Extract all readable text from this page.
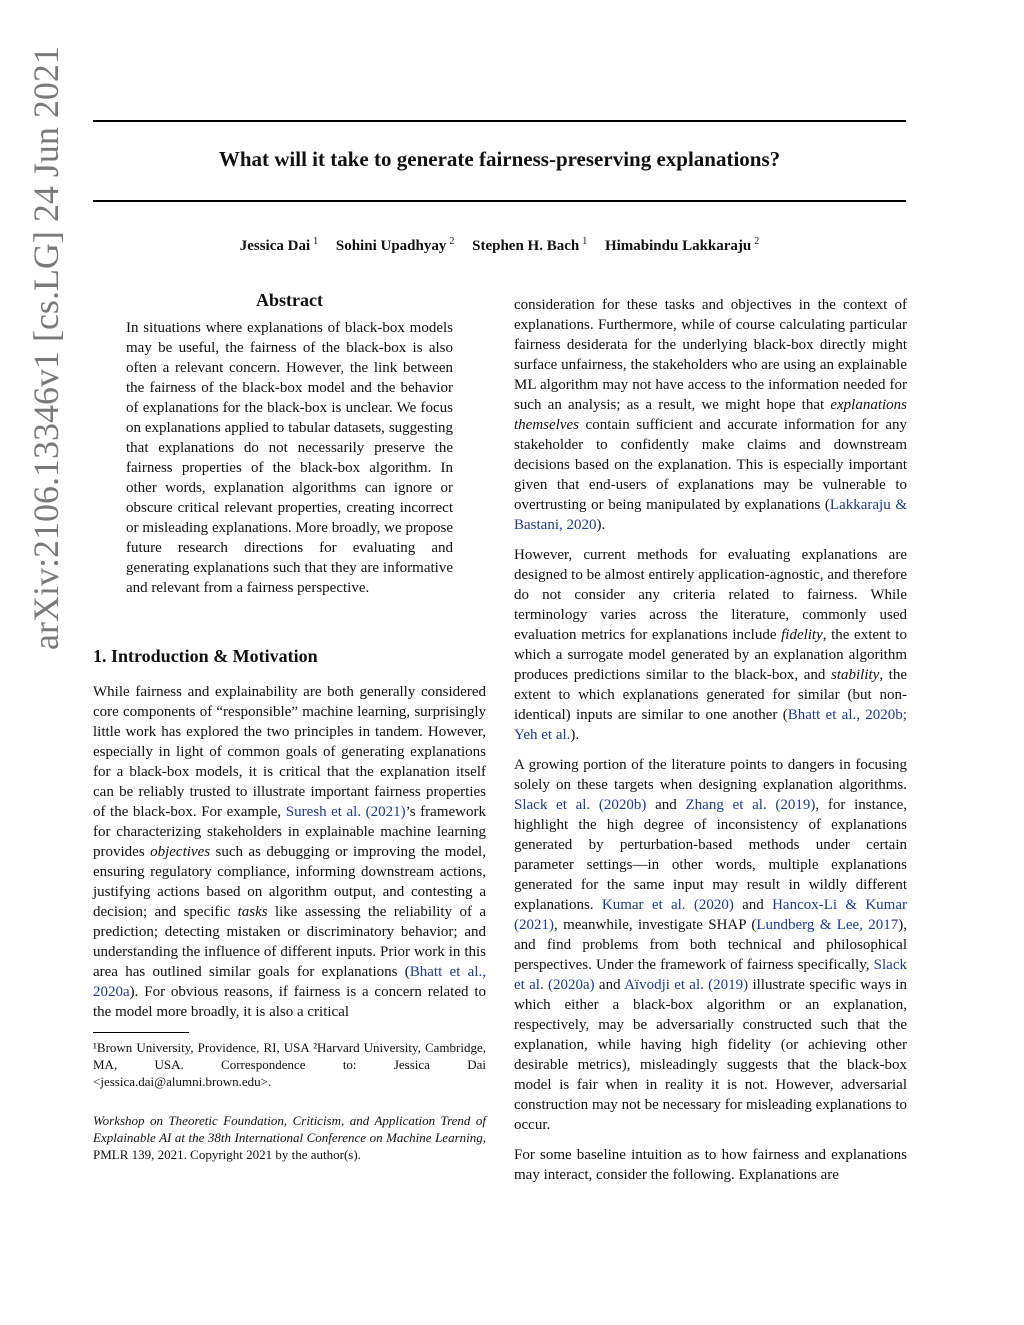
arXiv:2106.13346v1 [cs.LG] 24 Jun 2021	What will it take to generate fairness-preserving explanations?
Jessica Dai $^1$ Sohini Upadhyay $^2$ Stephen H. Bach $^1$ Himabindu Lakkaraju $^2$
Abstract
In situations where explanations of black-box models may be useful, the fairness of the black-box is also often a relevant concern. However, the link between the fairness of the black-box model and the behavior of explanations for the black-box is unclear. We focus on explanations applied to tabular datasets, suggesting that explanations do not necessarily preserve the fairness properties of the black-box algorithm. In other words, explanation algorithms can ignore or obscure critical relevant properties, creating incorrect or misleading explanations. More broadly, we propose future research directions for evaluating and generating explanations such that they are informative and relevant from a fairness perspective.
1. Introduction & Motivation

While fairness and explainability are both generally considered core components of “responsible” machine learning, surprisingly little work has explored the two principles in tandem. However, especially in light of common goals of generating explanations for a black-box models, it is critical that the explanation itself can be reliably trusted to illustrate important fairness properties of the black-box. For example, Suresh et al. (2021)’s framework for characterizing stakeholders in explainable machine learning provides objectives such as debugging or improving the model, ensuring regulatory compliance, informing downstream actions, justifying actions based on algorithm output, and contesting a decision; and specific tasks like assessing the reliability of a prediction; detecting mistaken or discriminatory behavior; and understanding the influence of different inputs. Prior work in this area has outlined similar goals for explanations (Bhatt et al., 2020a). For obvious reasons, if fairness is a concern related to the model more broadly, it is also a critical

¹Brown University, Providence, RI, USA ²Harvard University, Cambridge, MA, USA. Correspondence to: Jessica Dai <jessica.dai@alumni.brown.edu>.
Workshop on Theoretic Foundation, Criticism, and Application Trend of Explainable AI at the 38th International Conference on Machine Learning, PMLR 139, 2021. Copyright 2021 by the author(s).

consideration for these tasks and objectives in the context of explanations. Furthermore, while of course calculating particular fairness desiderata for the underlying black-box directly might surface unfairness, the stakeholders who are using an explainable ML algorithm may not have access to the information needed for such an analysis; as a result, we might hope that explanations themselves contain sufficient and accurate information for any stakeholder to confidently make claims and downstream decisions based on the explanation. This is especially important given that end-users of explanations may be vulnerable to overtrusting or being manipulated by explanations (Lakkaraju & Bastani, 2020).

However, current methods for evaluating explanations are designed to be almost entirely application-agnostic, and therefore do not consider any criteria related to fairness. While terminology varies across the literature, commonly used evaluation metrics for explanations include fidelity, the extent to which a surrogate model generated by an explanation algorithm produces predictions similar to the black-box, and stability, the extent to which explanations generated for similar (but non-identical) inputs are similar to one another (Bhatt et al., 2020b; Yeh et al.).

A growing portion of the literature points to dangers in focusing solely on these targets when designing explanation algorithms. Slack et al. (2020b) and Zhang et al. (2019), for instance, highlight the high degree of inconsistency of explanations generated by perturbation-based methods under certain parameter settings—in other words, multiple explanations generated for the same input may result in wildly different explanations. Kumar et al. (2020) and Hancox-Li & Kumar (2021), meanwhile, investigate SHAP (Lundberg & Lee, 2017), and find problems from both technical and philosophical perspectives. Under the framework of fairness specifically, Slack et al. (2020a) and Aïvodji et al. (2019) illustrate specific ways in which either a black-box algorithm or an explanation, respectively, may be adversarially constructed such that the explanation, while having high fidelity (or achieving other desirable metrics), misleadingly suggests that the black-box model is fair when in reality it is not. However, adversarial construction may not be necessary for misleading explanations to occur.

For some baseline intuition as to how fairness and explanations may interact, consider the following. Explanations are
